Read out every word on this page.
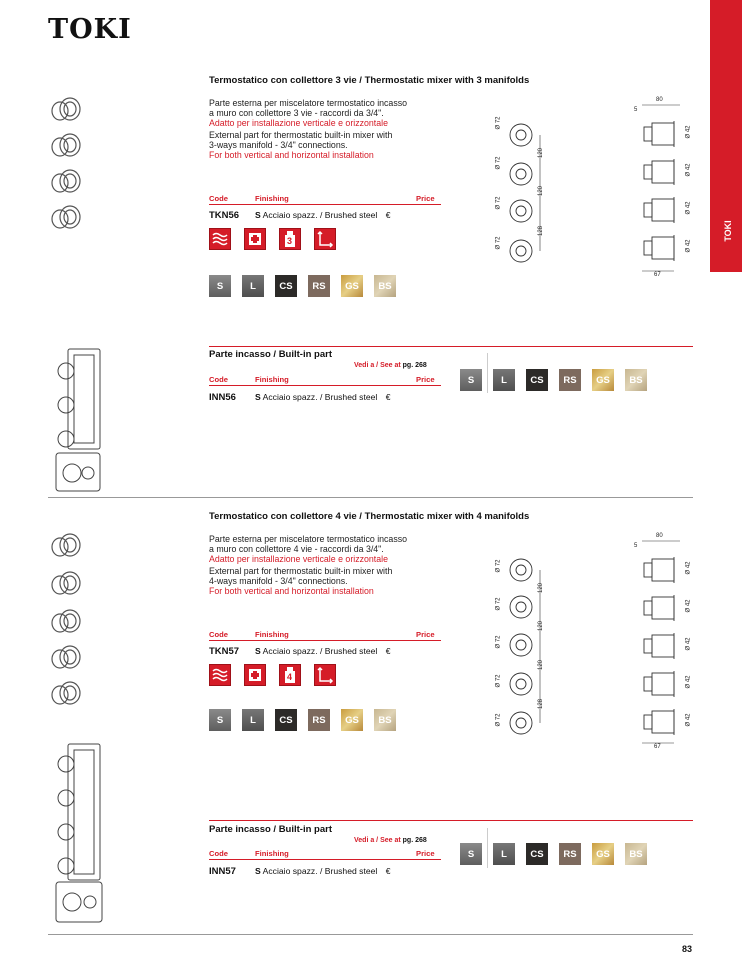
TOKI
TOKI
Termostatico con collettore 3 vie / Thermostatic mixer with 3 manifolds
Parte esterna per miscelatore termostatico incasso
a muro con collettore 3 vie - raccordi da 3/4".
Adatto per installazione verticale e orizzontale
External part for thermostatic built-in mixer with
3-ways manifold - 3/4" connections.
For both vertical and horizontal installation
Code	Finishing	Price
TKN56 S Acciaio spazz. / Brushed steel €
3
S	L	CS	RS	GS	BS
Ø 72
Ø 72
Ø 72
Ø 72
120
120
128
80
5
67
Ø 42
Ø 42
Ø 42
Ø 42
Parte incasso / Built-in part
Vedi a / See at pg. 268
Code	Finishing	Price
INN56 S Acciaio spazz. / Brushed steel €
S	L	CS	RS	GS	BS
Termostatico con collettore 4 vie / Thermostatic mixer with 4 manifolds
Parte esterna per miscelatore termostatico incasso
a muro con collettore 4 vie - raccordi da 3/4".
Adatto per installazione verticale e orizzontale
External part for thermostatic built-in mixer with
4-ways manifold - 3/4" connections.
For both vertical and horizontal installation
Code	Finishing	Price
TKN57 S Acciaio spazz. / Brushed steel €
4
S	L	CS	RS	GS	BS
Ø 72
Ø 72
Ø 72
Ø 72
Ø 72
120
120
120
128
80
5
67
Ø 42
Ø 42
Ø 42
Ø 42
Ø 42
Parte incasso / Built-in part
Vedi a / See at pg. 268
Code	Finishing	Price
INN57 S Acciaio spazz. / Brushed steel €
S	L	CS	RS	GS	BS
83
